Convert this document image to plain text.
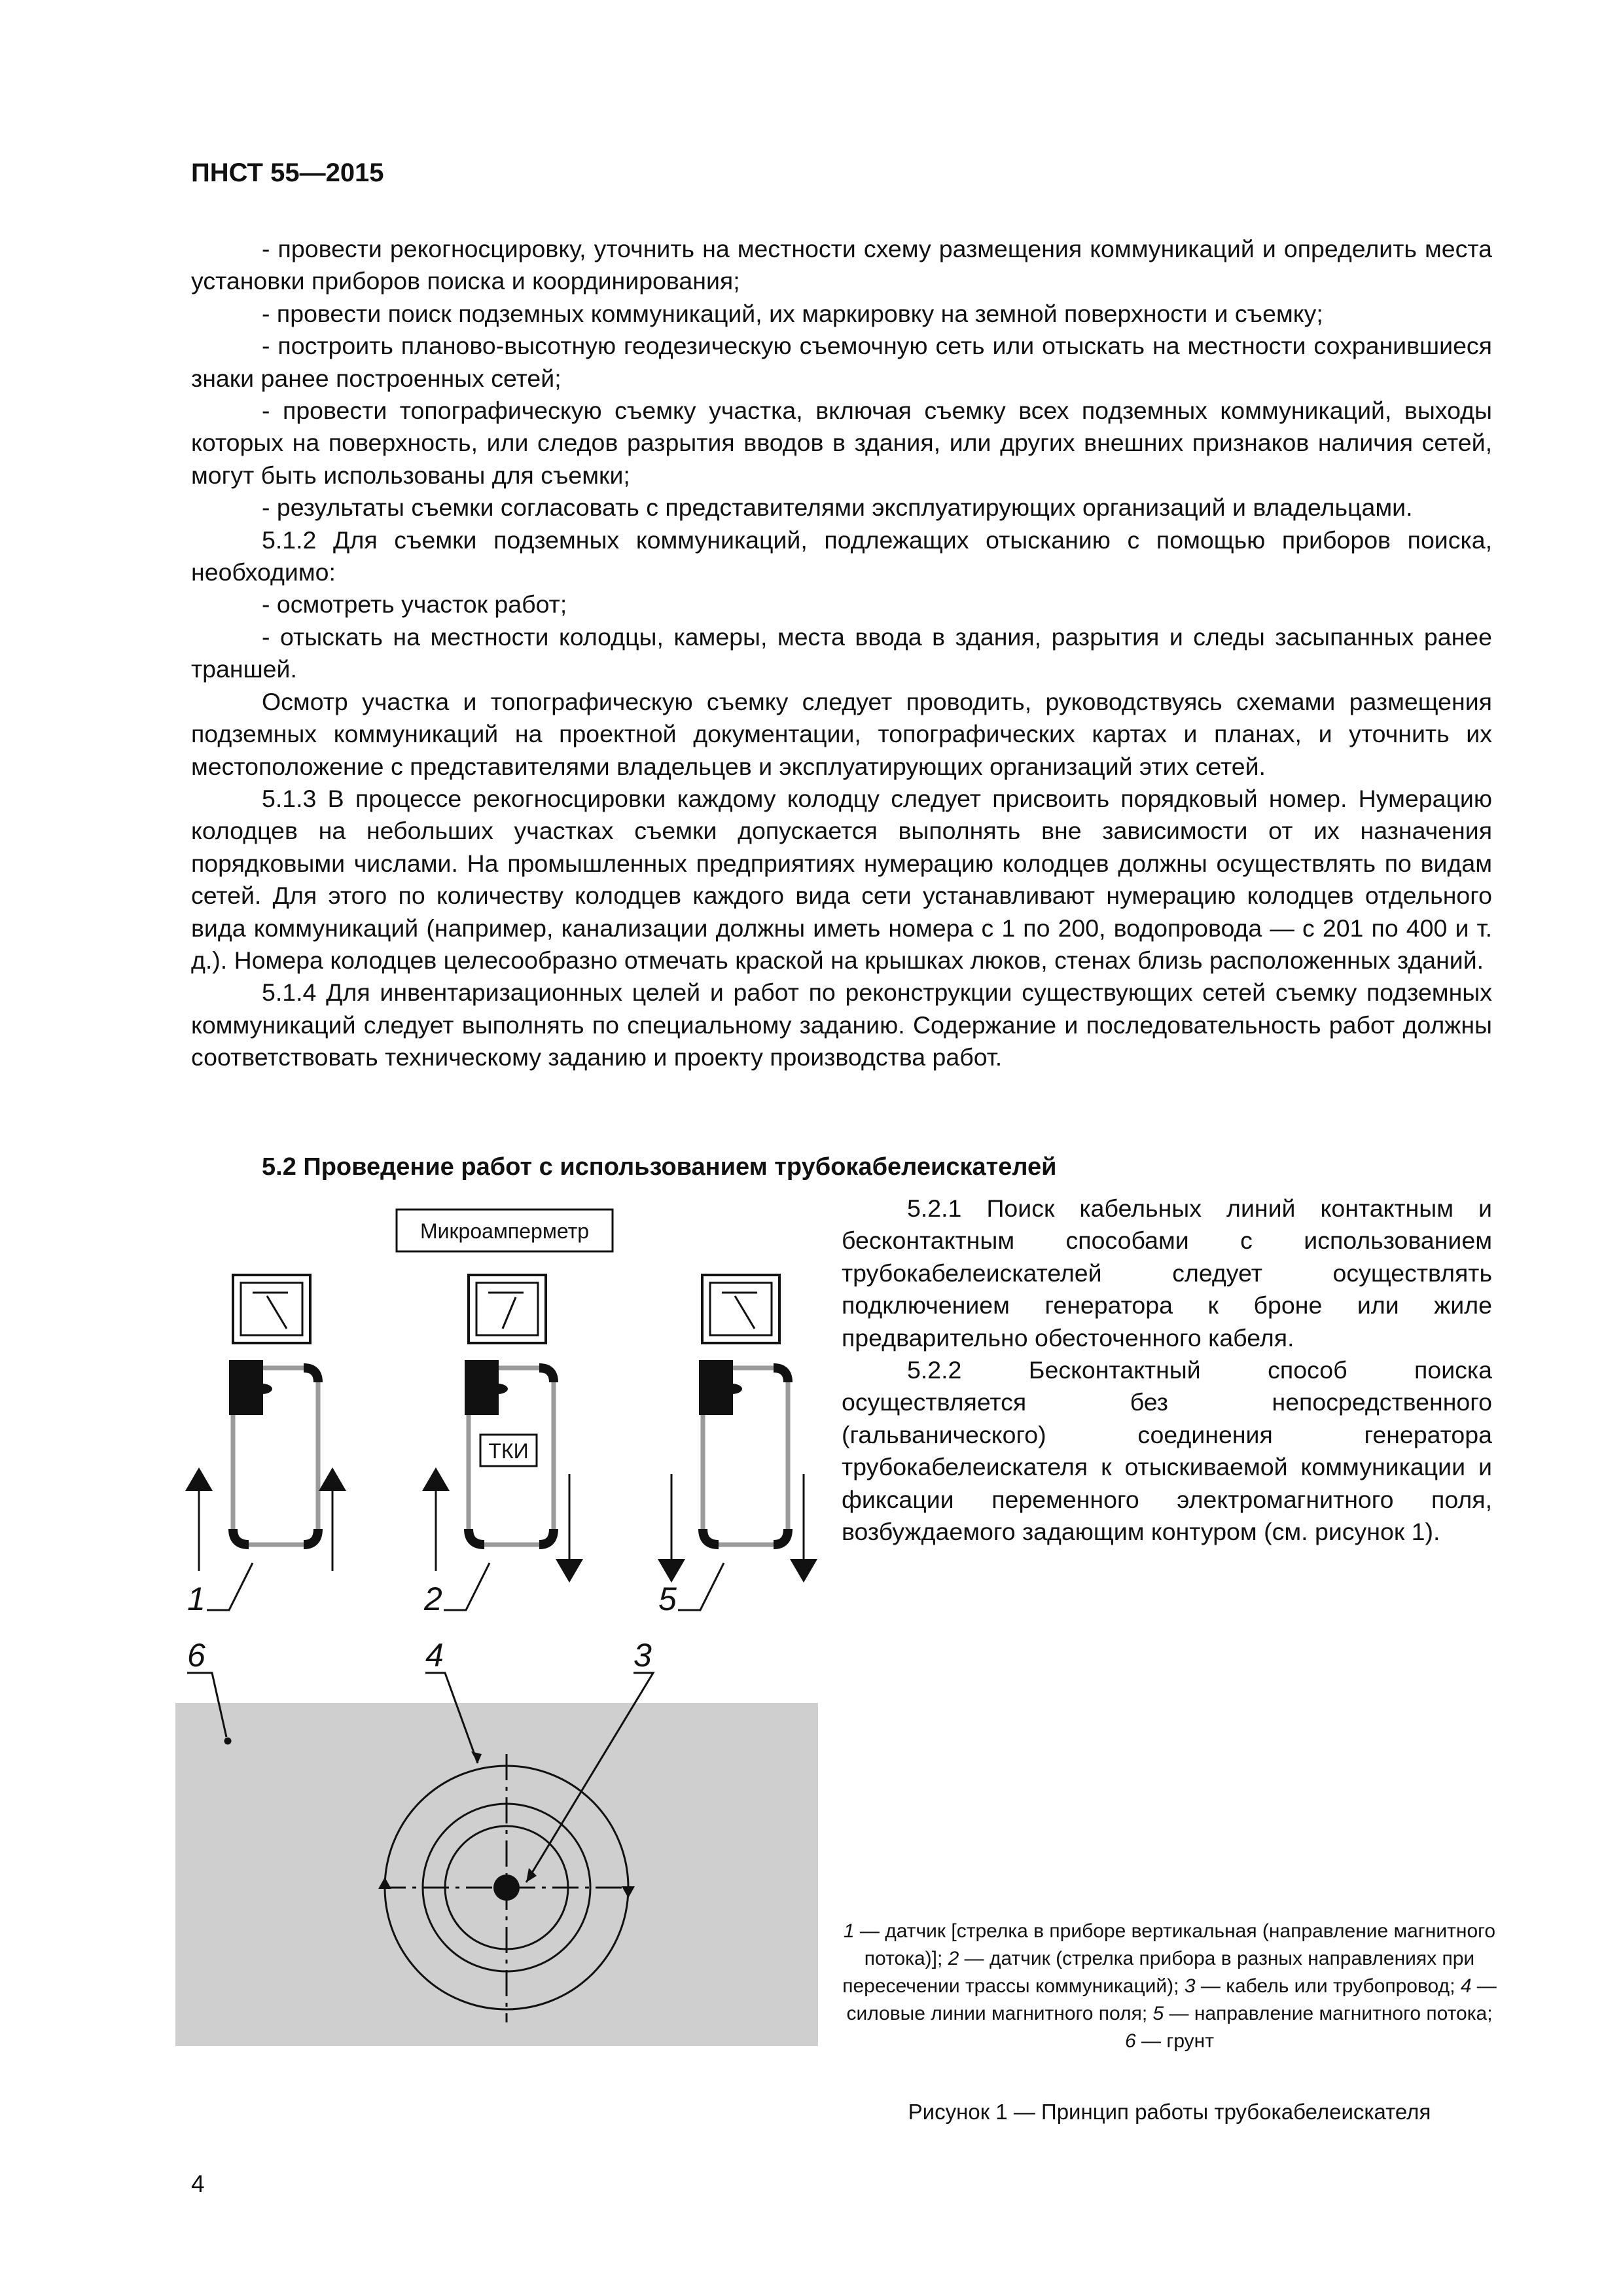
ПНСТ 55—2015

- провести рекогносцировку, уточнить на местности схему размещения коммуникаций и определить места установки приборов поиска и координирования;

- провести поиск подземных коммуникаций, их маркировку на земной поверхности и съемку;

- построить планово-высотную геодезическую съемочную сеть или отыскать на местности сохранившиеся знаки ранее построенных сетей;

- провести топографическую съемку участка, включая съемку всех подземных коммуникаций, выходы которых на поверхность, или следов разрытия вводов в здания, или других внешних признаков наличия сетей, могут быть использованы для съемки;

- результаты съемки согласовать с представителями эксплуатирующих организаций и владельцами.

5.1.2 Для съемки подземных коммуникаций, подлежащих отысканию с помощью приборов поиска, необходимо:

- осмотреть участок работ;

- отыскать на местности колодцы, камеры, места ввода в здания, разрытия и следы засыпанных ранее траншей.

Осмотр участка и топографическую съемку следует проводить, руководствуясь схемами размещения подземных коммуникаций на проектной документации, топографических картах и планах, и уточнить их местоположение с представителями владельцев и эксплуатирующих организаций этих сетей.

5.1.3 В процессе рекогносцировки каждому колодцу следует присвоить порядковый номер. Нумерацию колодцев на небольших участках съемки допускается выполнять вне зависимости от их назначения порядковыми числами. На промышленных предприятиях нумерацию колодцев должны осуществлять по видам сетей. Для этого по количеству колодцев каждого вида сети устанавливают нумерацию колодцев отдельного вида коммуникаций (например, канализации должны иметь номера с 1 по 200, водопровода — с 201 по 400 и т. д.). Номера колодцев целесообразно отмечать краской на крышках люков, стенах близь расположенных зданий.

5.1.4 Для инвентаризационных целей и работ по реконструкции существующих сетей съемку подземных коммуникаций следует выполнять по специальному заданию. Содержание и последовательность работ должны соответствовать техническому заданию и проекту производства работ.

5.2 Проведение работ с использованием трубокабелеискателей

5.2.1 Поиск кабельных линий контактным и бесконтактным способами с использованием трубокабелеискателей следует осуществлять подключением генератора к броне или жиле предварительно обесточенного кабеля.

5.2.2 Бесконтактный способ поиска осуществляется без непосредственного (гальванического) соединения генератора трубокабелеискателя к отыскиваемой коммуникации и фиксации переменного электромагнитного поля, возбуждаемого задающим контуром (см. рисунок 1).

Микроамперметр
ТКИ
1	2	5
6	4	3
1 — датчик [стрелка в приборе вертикальная (направление магнитного потока)]; 2 — датчик (стрелка прибора в разных направлениях при пересечении трассы коммуникаций); 3 — кабель или трубопровод; 4 — силовые линии магнитного поля; 5 — направление магнитного потока; 6 — грунт
Рисунок 1 — Принцип работы трубокабелеискателя
4
